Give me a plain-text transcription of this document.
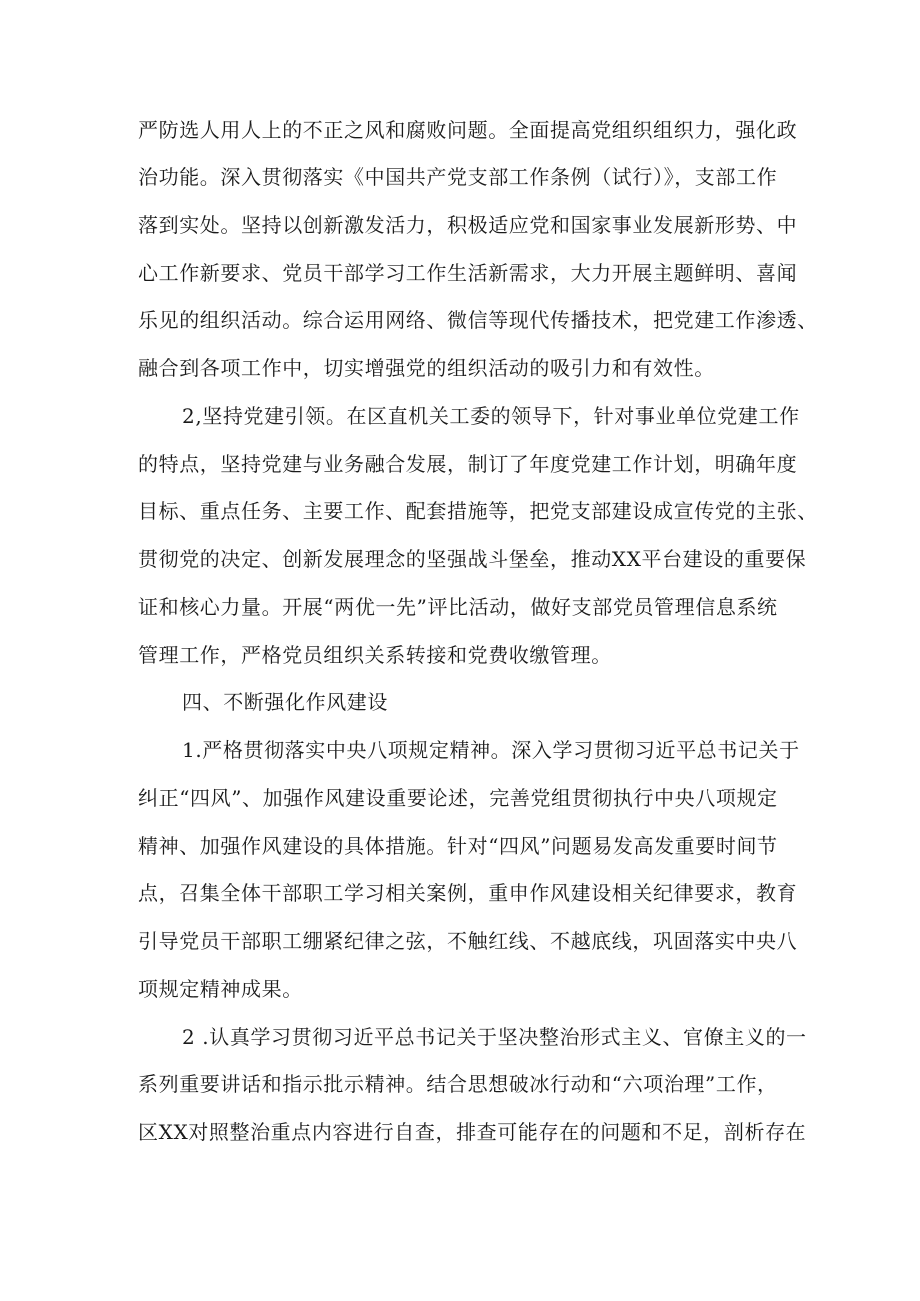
严防选人用人上的不正之风和腐败问题。全面提高党组织组织力，强化政
治功能。深入贯彻落实《中国共产党支部工作条例（试行）》，支部工作
落到实处。坚持以创新激发活力，积极适应党和国家事业发展新形势、中
心工作新要求、党员干部学习工作生活新需求，大力开展主题鲜明、喜闻
乐见的组织活动。综合运用网络、微信等现代传播技术，把党建工作渗透、
融合到各项工作中，切实增强党的组织活动的吸引力和有效性。
2,坚持党建引领。在区直机关工委的领导下，针对事业单位党建工作
的特点，坚持党建与业务融合发展，制订了年度党建工作计划，明确年度
目标、重点任务、主要工作、配套措施等，把党支部建设成宣传党的主张、
贯彻党的决定、创新发展理念的坚强战斗堡垒，推动XX平台建设的重要保
证和核心力量。开展“两优一先”评比活动，做好支部党员管理信息系统
管理工作，严格党员组织关系转接和党费收缴管理。
四、不断强化作风建设
1.严格贯彻落实中央八项规定精神。深入学习贯彻习近平总书记关于
纠正“四风”、加强作风建设重要论述，完善党组贯彻执行中央八项规定
精神、加强作风建设的具体措施。针对“四风”问题易发高发重要时间节
点，召集全体干部职工学习相关案例，重申作风建设相关纪律要求，教育
引导党员干部职工绷紧纪律之弦，不触红线、不越底线，巩固落实中央八
项规定精神成果。
2 .认真学习贯彻习近平总书记关于坚决整治形式主义、官僚主义的一
系列重要讲话和指示批示精神。结合思想破冰行动和“六项治理”工作，
区XX对照整治重点内容进行自查，排查可能存在的问题和不足，剖析存在
